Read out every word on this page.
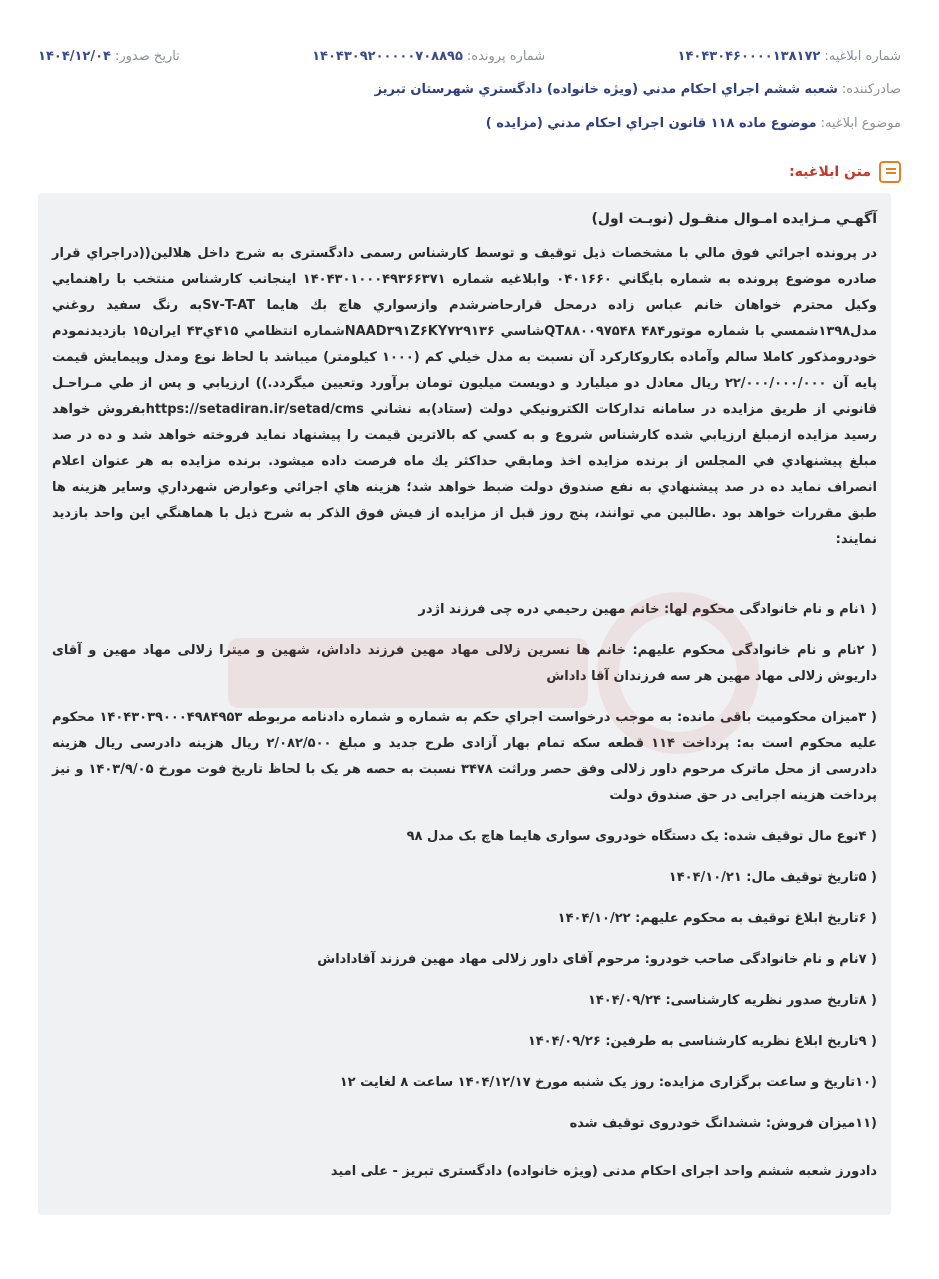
شماره ابلاغيه:
۱۴۰۴۳۰۴۶۰۰۰۰۱۳۸۱۷۲
شماره پرونده:
۱۴۰۴۳۰۹۲۰۰۰۰۰۷۰۸۸۹۵
تاريخ صدور:
۱۴۰۴/۱۲/۰۴
صادرکننده:
شعبه ششم اجراي احکام مدني (ويژه خانواده) دادگستري شهرستان تبريز
موضوع ابلاغيه:
موضوع ماده ۱۱۸ قانون اجراي احکام مدني (مزايده )
متن ابلاغيه:
آگهـي مـزايده امـوال منقـول (نوبـت اول)
در پرونده اجرائي فوق مالي با مشخصات ذيل توقيف و توسط کارشناس رسمی دادگستری به شرح داخل هلالين((دراجراي قرار صادره موضوع پرونده به شماره بايگاني ۰۴۰۱۶۶۰ وابلاغيه شماره ۱۴۰۴۳۰۱۰۰۰۴۹۳۶۶۳۷۱ اينجانب کارشناس منتخب با راهنمايي وکيل محترم خواهان خانم عباس زاده درمحل قرارحاضرشدم وازسواري هاچ بك هايما S۷-T-ATبه رنگ سفيد روغني مدل۱۳۹۸شمسي با شماره موتور۴۸۴ QT۸۸۰۰۹۷۵۴۸شاسي NAAD۳۹۱Z۶KY۷۲۹۱۳۶شماره انتظامي ۴۱۵ي۴۳ ايران۱۵ بازديدنمودم خودرومذکور کاملا سالم وآماده بکاروکارکرد آن نسبت به مدل خيلي کم (۱۰۰۰ کيلومتر) ميباشد با لحاظ نوع ومدل وپيمايش قيمت پايه آن ۲۲/۰۰۰/۰۰۰/۰۰۰ ريال معادل دو ميليارد و دويست ميليون تومان برآورد وتعيين ميگردد.)) ارزيابي و پس از طي مـراحـل قانوني از طريق مزايده در سامانه تدارکات الکترونيکي دولت (ستاد)به نشاني https://setadiran.ir/setad/cmsبفروش خواهد رسيد مزايده ازمبلغ ارزيابي شده کارشناس شروع و به کسي که بالاترين قيمت را پيشنهاد نمايد فروخته خواهد شد و ده در صد مبلغ پيشنهادي في المجلس از برنده مزايده اخذ ومابقي حداکثر يك ماه فرصت داده ميشود. برنده مزايده به هر عنوان اعلام انصراف نمايد ده در صد پيشنهادي به نفع صندوق دولت ضبط خواهد شد؛ هزينه هاي اجرائي وعوارض شهرداري وساير هزينه ها طبق مقررات خواهد بود .طالبين مي توانند، پنج روز قبل از مزايده از فيش فوق الذکر به شرح ذيل با هماهنگي اين واحد بازديد نمايند:
( ۱نام و نام خانوادگی محکوم لها: خانم مهين رحيمي دره چی فرزند اژدر
( ۲نام و نام خانوادگی محکوم عليهم: خانم ها نسرين زلالی مهاد مهين فرزند داداش، شهين و ميترا زلالی مهاد مهين و آقای داريوش زلالی مهاد مهين هر سه فرزندان آقا داداش
( ۳ميزان محکوميت باقی مانده: به موجب درخواست اجراي حکم به شماره و شماره دادنامه مربوطه ۱۴۰۴۳۰۳۹۰۰۰۴۹۸۴۹۵۳ محکوم عليه محکوم است به: پرداخت ۱۱۴ قطعه سکه تمام بهار آزادی طرح جديد و مبلغ ۲/۰۸۲/۵۰۰ ريال هزينه دادرسی ريال هزينه دادرسی از محل ماترک مرحوم داور زلالی وفق حصر وراثت ۳۴۷۸ نسبت به حصه هر يک با لحاظ تاريخ فوت مورخ ۱۴۰۳/۹/۰۵ و نيز پرداخت هزينه اجرايی در حق صندوق دولت
( ۴نوع مال توقيف شده: يک دستگاه خودروی سواری هايما هاچ بک مدل ۹۸
( ۵تاريخ توقيف مال: ۱۴۰۴/۱۰/۲۱
( ۶تاريخ ابلاغ توقيف به محکوم عليهم: ۱۴۰۴/۱۰/۲۲
( ۷نام و نام خانوادگی صاحب خودرو: مرحوم آقای داور زلالی مهاد مهين فرزند آقاداداش
( ۸تاريخ صدور نظريه کارشناسی: ۱۴۰۴/۰۹/۲۴
( ۹تاريخ ابلاغ نظريه کارشناسی به طرفين: ۱۴۰۴/۰۹/۲۶
(۱۰تاريخ و ساعت برگزاری مزايده: روز يک شنبه مورخ ۱۴۰۴/۱۲/۱۷ ساعت ۸ لغايت ۱۲
(۱۱ميزان فروش: ششدانگ خودروی توقيف شده
دادورز شعبه ششم واحد اجرای احکام مدنی (ويژه خانواده) دادگستری تبريز - علی اميد
